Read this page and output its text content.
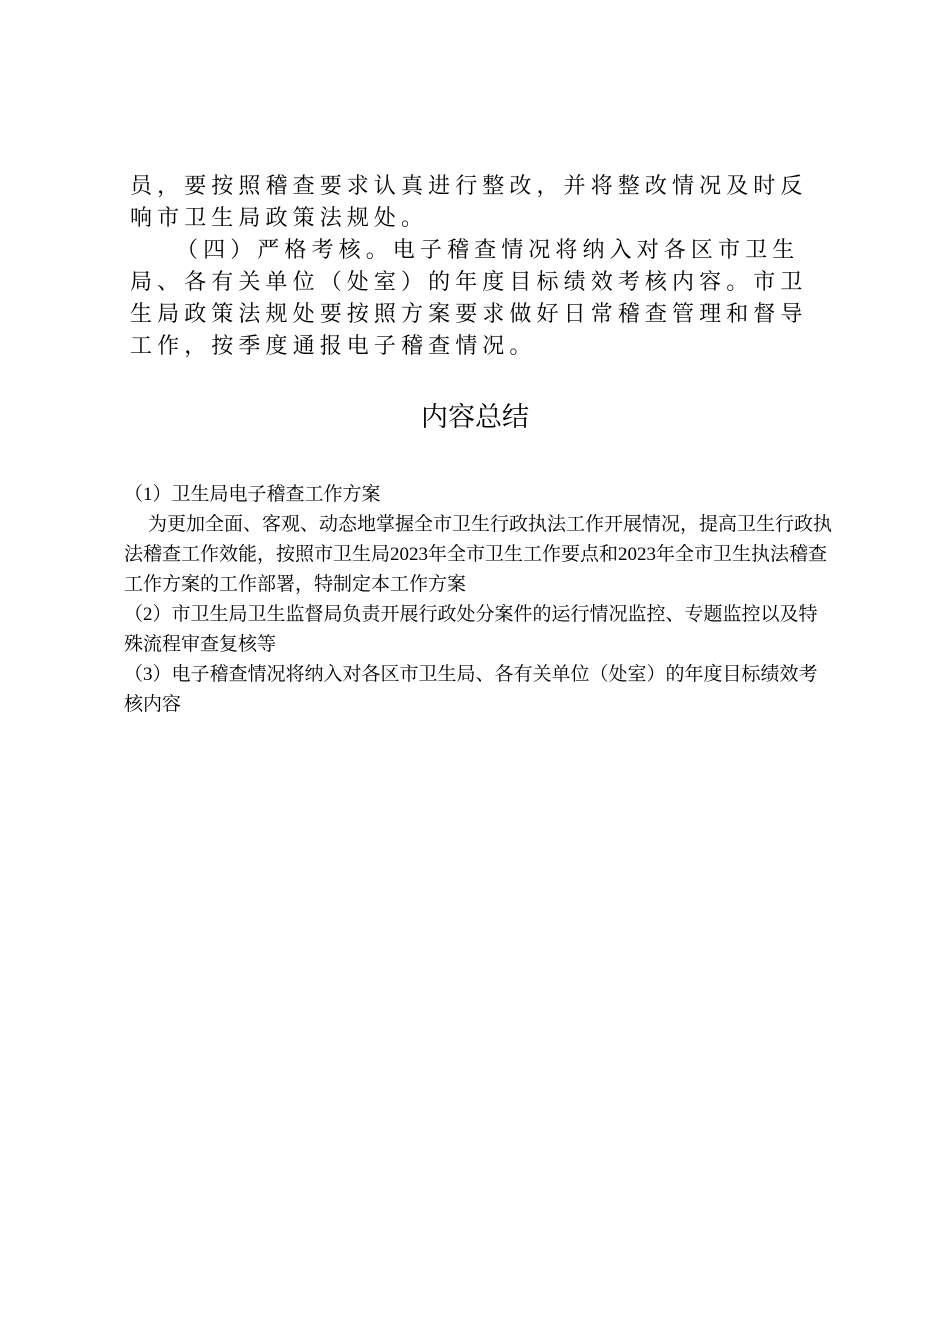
员，要按照稽查要求认真进行整改，并将整改情况及时反响市卫生局政策法规处。

（四）严格考核。电子稽查情况将纳入对各区市卫生局、各有关单位（处室）的年度目标绩效考核内容。市卫生局政策法规处要按照方案要求做好日常稽查管理和督导工作，按季度通报电子稽查情况。

内容总结

（1）卫生局电子稽查工作方案

为更加全面、客观、动态地掌握全市卫生行政执法工作开展情况，提高卫生行政执法稽查工作效能，按照市卫生局2023年全市卫生工作要点和2023年全市卫生执法稽查工作方案的工作部署，特制定本工作方案

（2）市卫生局卫生监督局负责开展行政处分案件的运行情况监控、专题监控以及特殊流程审查复核等

（3）电子稽查情况将纳入对各区市卫生局、各有关单位（处室）的年度目标绩效考核内容
